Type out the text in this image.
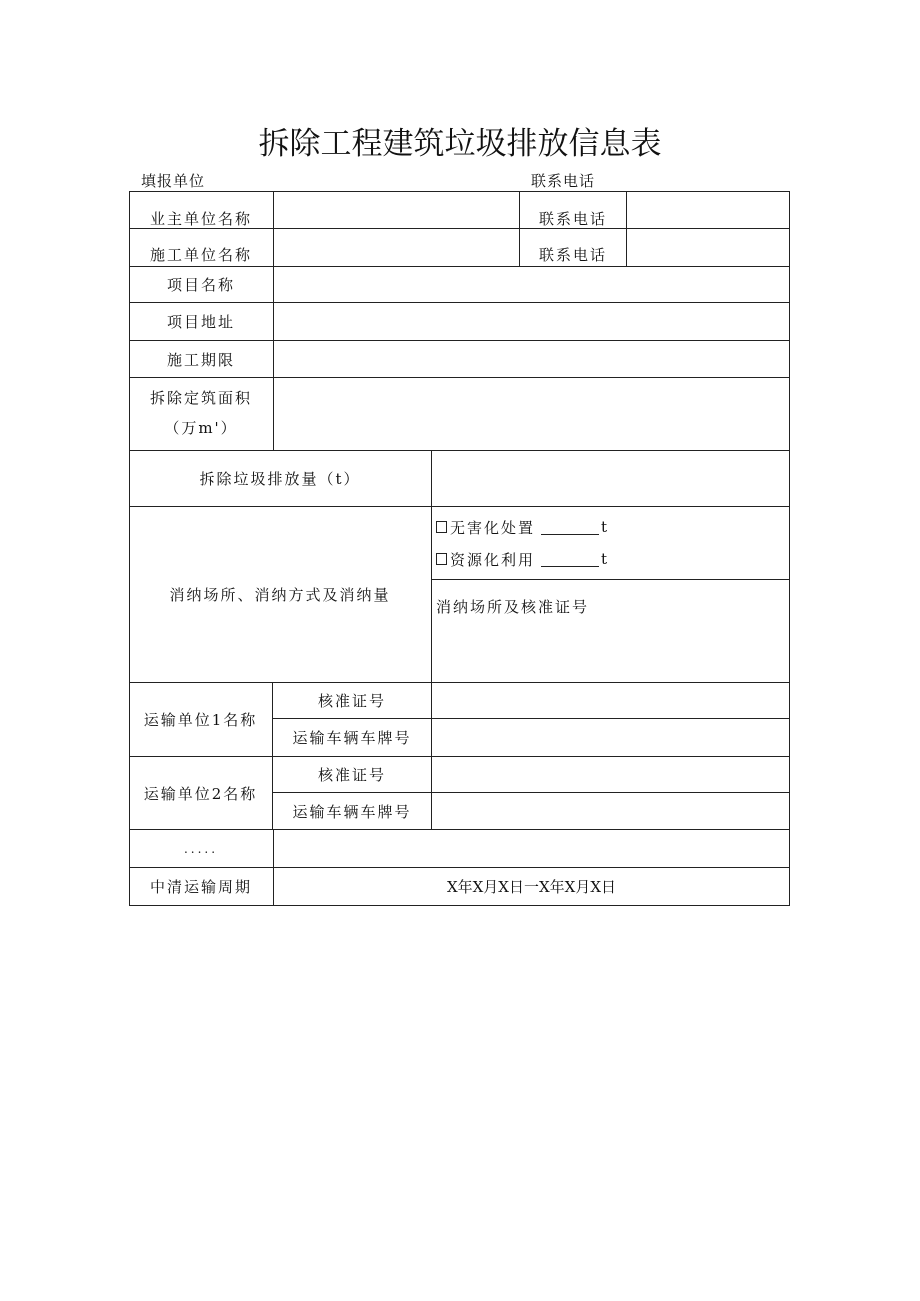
拆除工程建筑垃圾排放信息表
填报单位	联系电话
业主单位名称	联系电话
施工单位名称	联系电话
项目名称
项目地址
施工期限
拆除定筑面积
（万m'）
拆除垃圾排放量（t）
消纳场所、消纳方式及消纳量
无害化处置	t
资源化利用	t
消纳场所及核准证号
运输单位1名称
核准证号
运输车辆车牌号
运输单位2名称
核准证号
运输车辆车牌号
.....
中清运输周期	X年X月X日一X年X月X日
